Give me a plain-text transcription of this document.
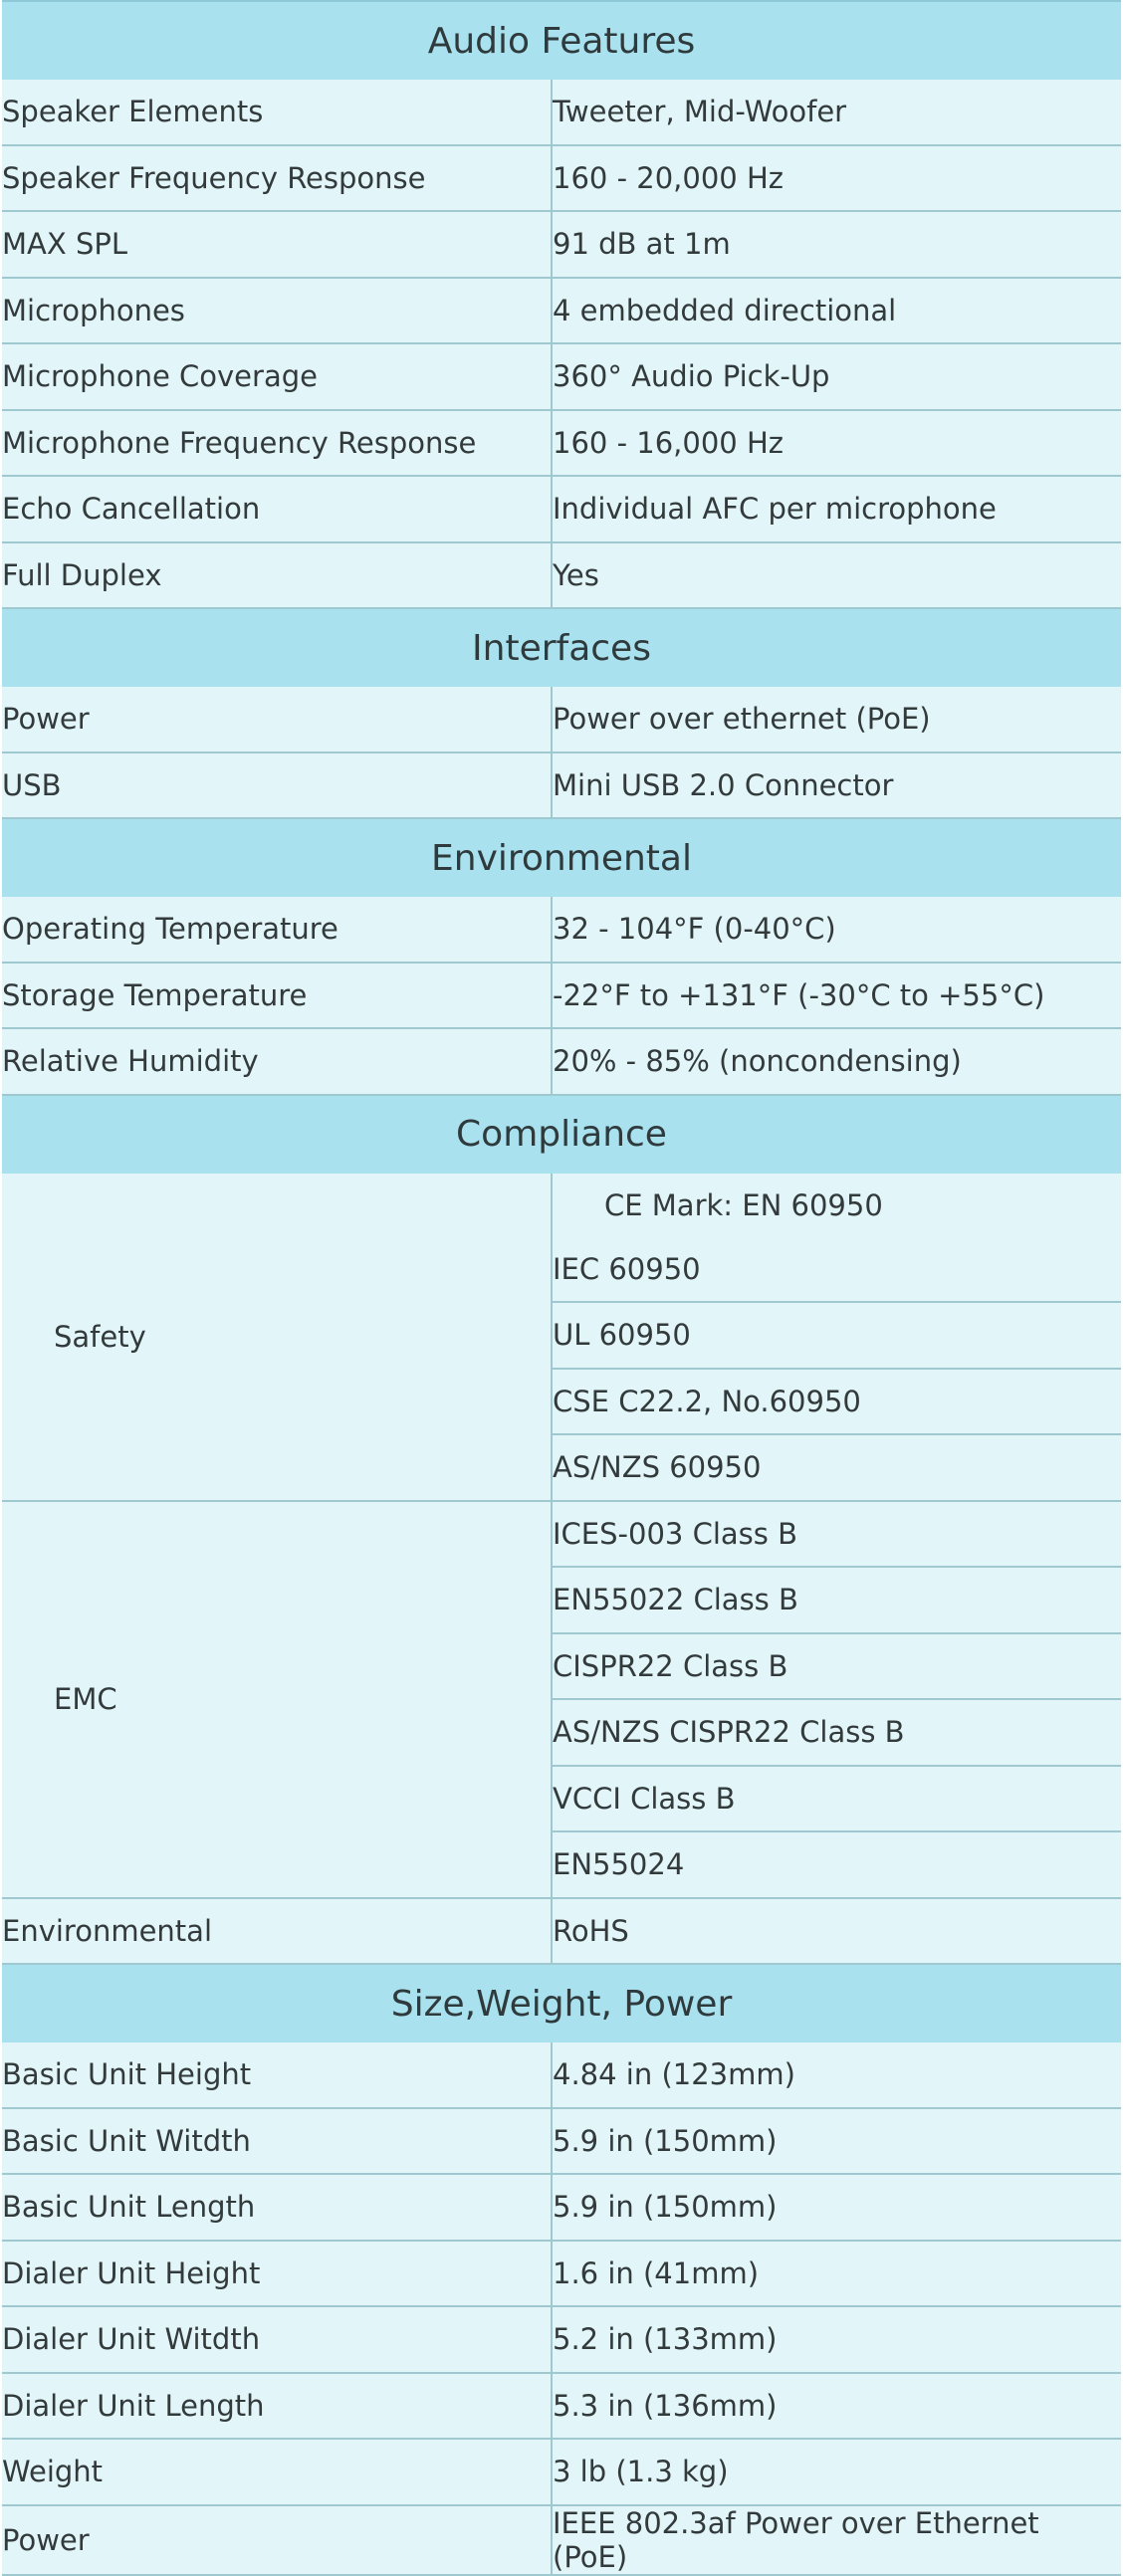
Audio Features	
Speaker Elements	Tweeter, Mid-Woofer
Speaker Frequency Response	160 - 20,000 Hz
MAX SPL	91 dB at 1m
Microphones	4 embedded directional
Microphone Coverage	360° Audio Pick-Up
Microphone Frequency Response	160 - 16,000 Hz
Echo Cancellation	Individual AFC per microphone
Full Duplex	Yes
Interfaces	
Power	Power over ethernet (PoE)
USB	Mini USB 2.0 Connector
Environmental	
Operating Temperature	32 - 104°F (0-40°C)
Storage Temperature	-22°F to +131°F (-30°C to +55°C)
Relative Humidity	20% - 85% (noncondensing)
Compliance	
Safety	CE Mark: EN 60950
	IEC 60950
	UL 60950
	CSE C22.2, No.60950
	AS/NZS 60950
EMC	ICES-003 Class B
	EN55022 Class B
	CISPR22 Class B
	AS/NZS CISPR22 Class B
	VCCI Class B
	EN55024
Environmental	RoHS
Size,Weight, Power	
Basic Unit Height	4.84 in (123mm)
Basic Unit Witdth	5.9 in (150mm)
Basic Unit Length	5.9 in (150mm)
Dialer Unit Height	1.6 in (41mm)
Dialer Unit Witdth	5.2 in (133mm)
Dialer Unit Length	5.3 in (136mm)
Weight	3 lb (1.3 kg)
Power	IEEE 802.3af Power over Ethernet (PoE)
